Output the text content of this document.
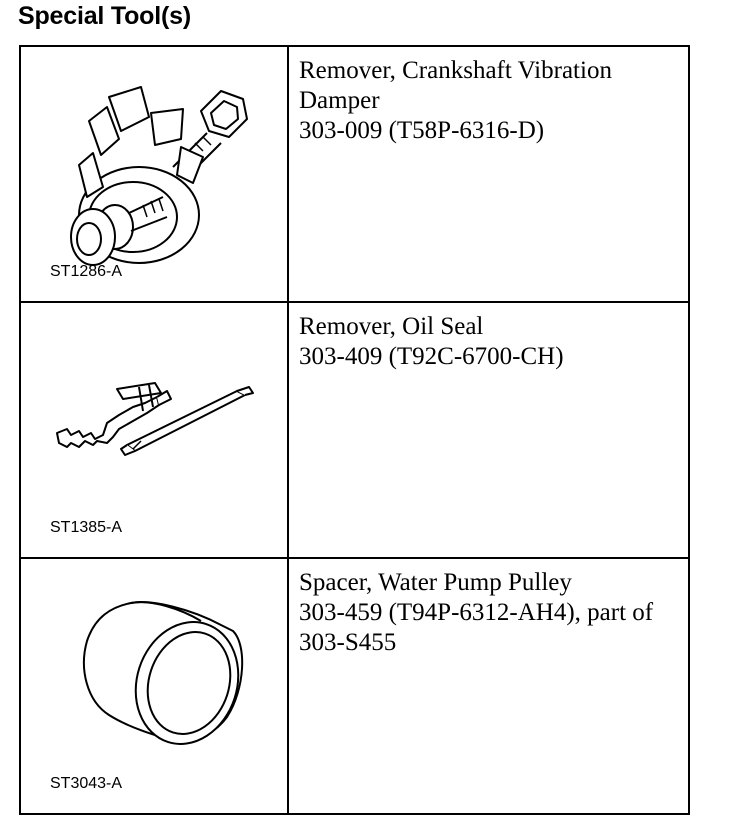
Special Tool(s)
ST1286-A	Remover, Crankshaft Vibration
Damper
303-009 (T58P-6316-D)

ST1385-A	Remover, Oil Seal
303-409 (T92C-6700-CH)

ST3043-A	Spacer, Water Pump Pulley
303-459 (T94P-6312-AH4), part of 303-S455
